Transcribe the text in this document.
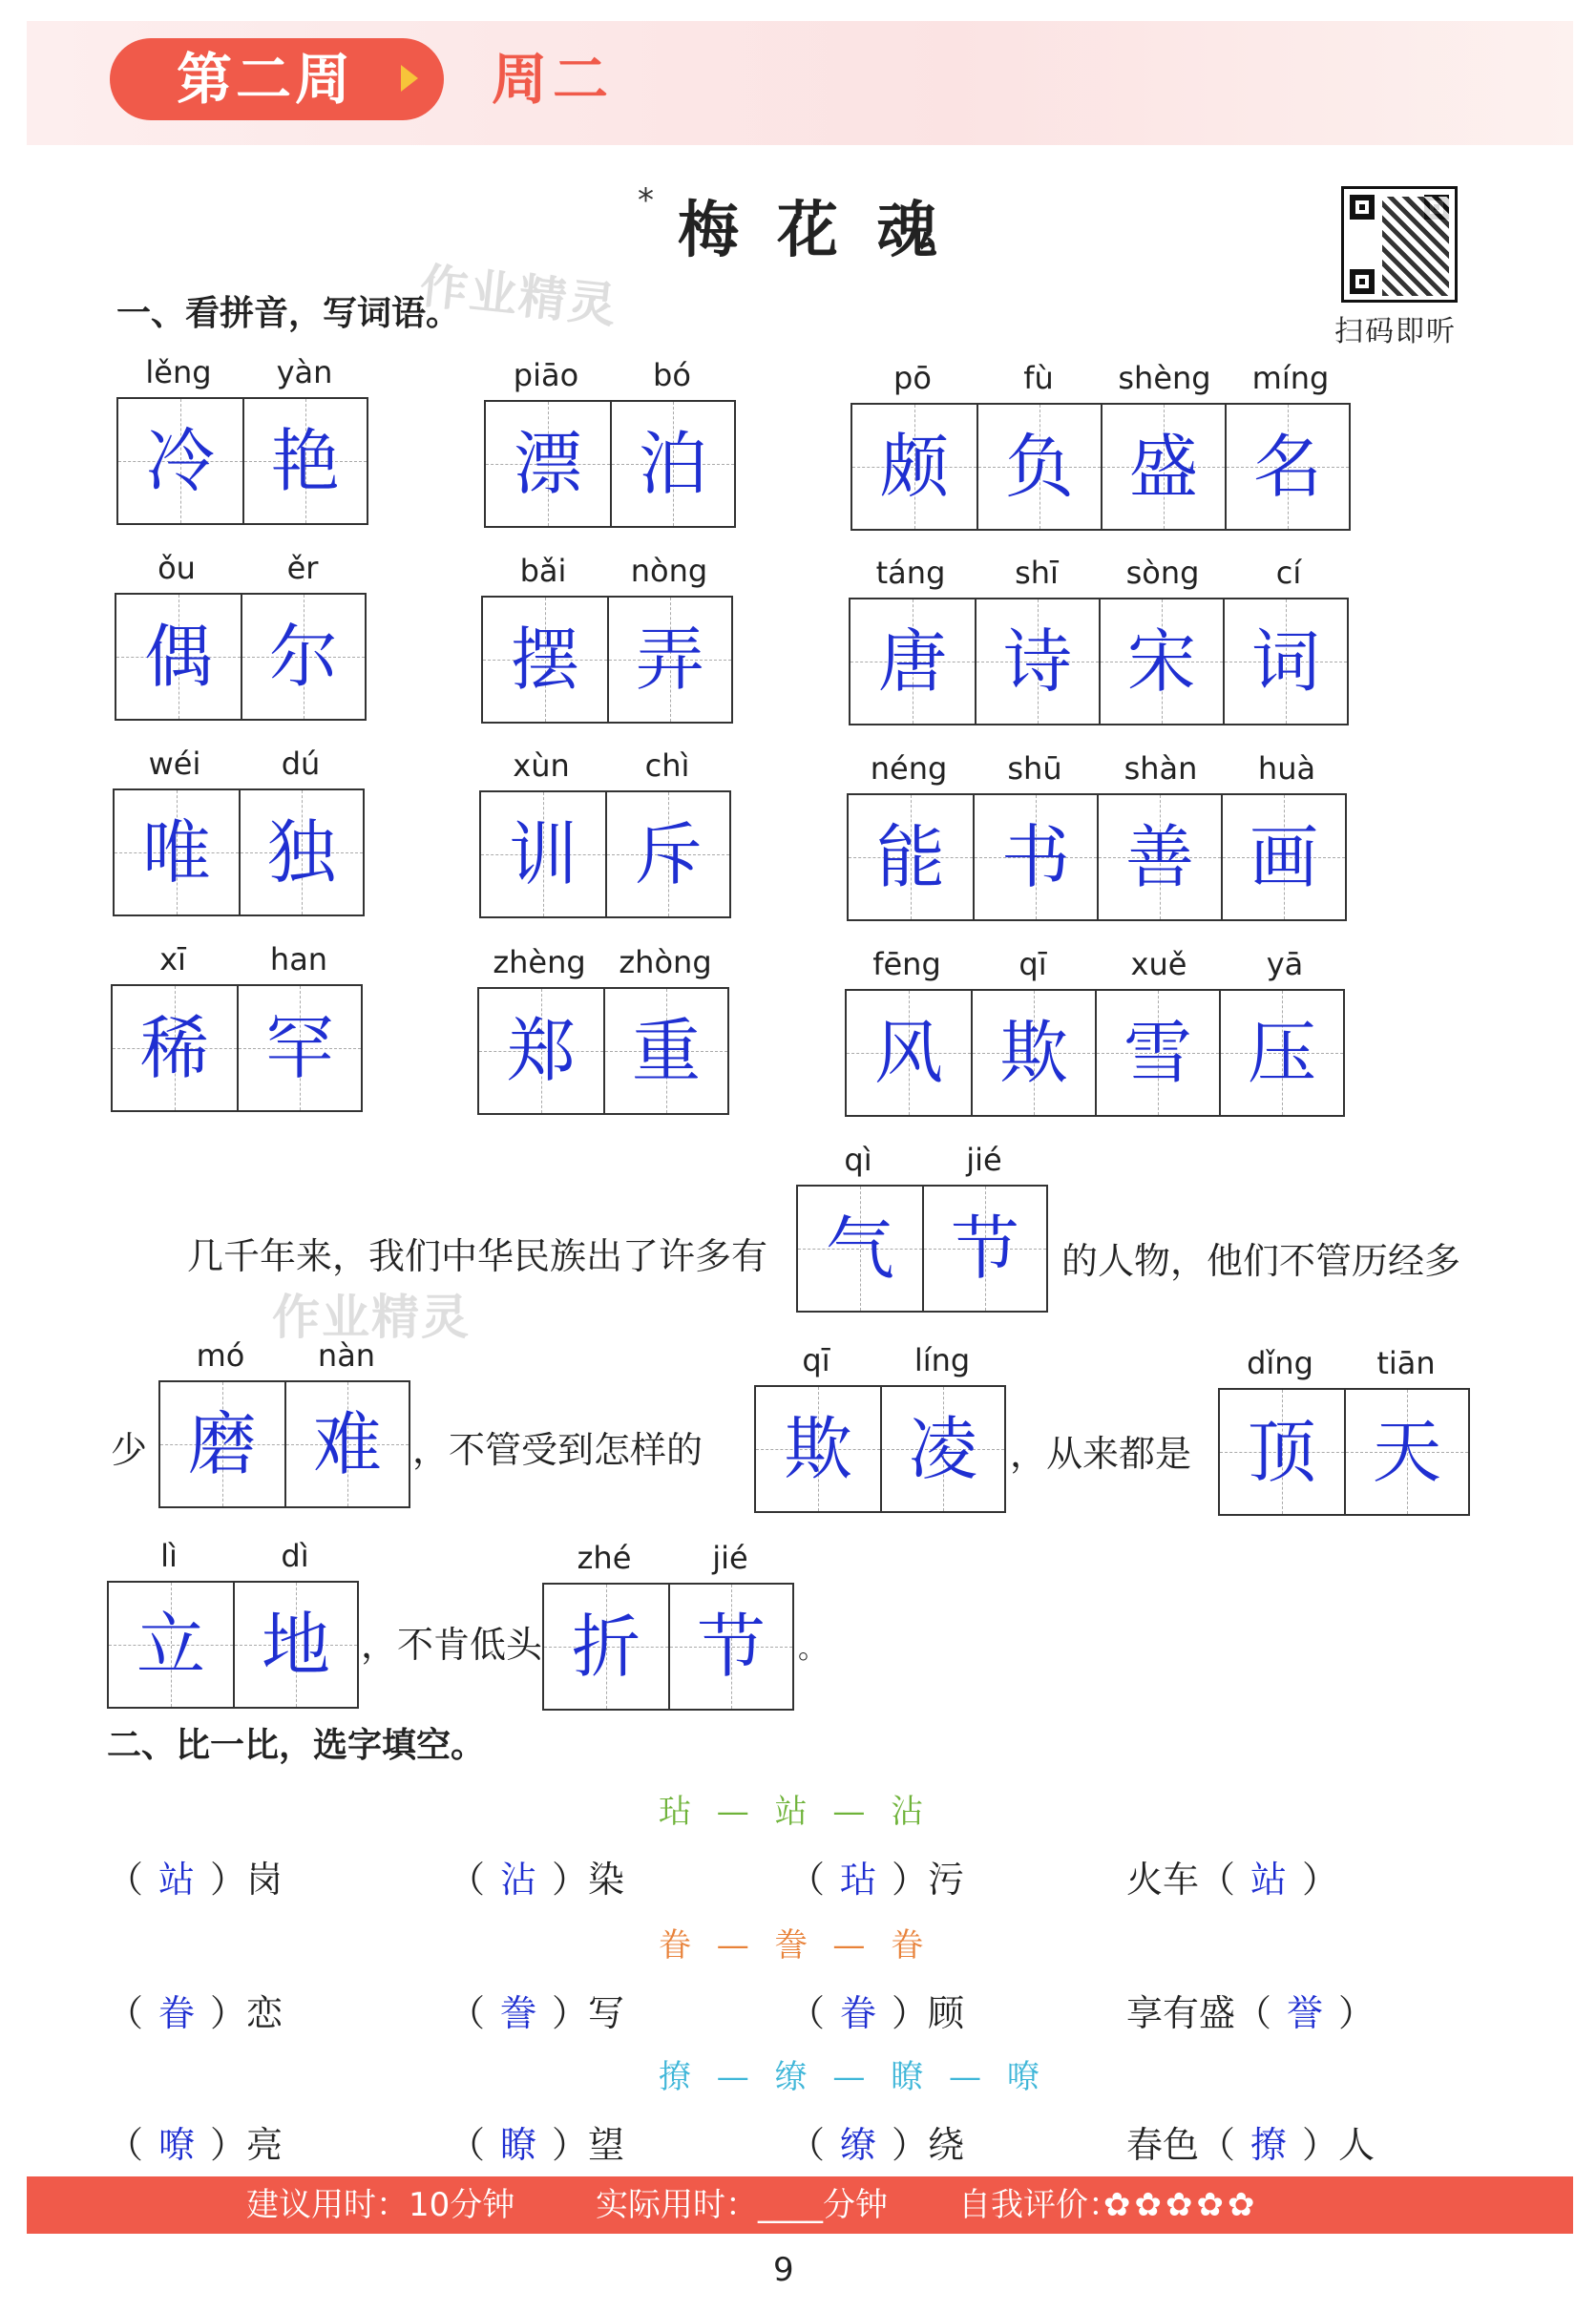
第二周	周二
* 梅花魂
扫码即听
一、看拼音，写词语。
作业精灵
作业精灵
lěng	yàn
冷 艳
piāo	bó
漂 泊
pō	fù	shèng	míng
颇 负 盛 名
ǒu	ěr
偶 尔
bǎi	nòng
摆 弄
táng	shī	sòng	cí
唐 诗 宋 词
wéi	dú
唯 独
xùn	chì
训 斥
néng	shū	shàn	huà
能 书 善 画
xī	han
稀 罕
zhèng	zhòng
郑 重
fēng	qī	xuě	yā
风 欺 雪 压
qì	jié
气 节
mó	nàn
磨 难
qī	líng
欺 凌
dǐng	tiān
顶 天
lì	dì
立 地
zhé	jié
折 节
几千年来，我们中华民族出了许多有	的人物，他们不管历经多
少	，不管受到怎样的	，从来都是
，不肯低头	。
二、比一比，选字填空。
玷 — 站 — 沾
（ 站 ）岗	（ 沾 ）染	（ 玷 ）污	火车（ 站 ）
眷 — 誊 — 眷
（ 眷 ）恋	（ 誊 ）写	（ 眷 ）顾	享有盛（ 誉 ）
撩 — 缭 — 瞭 — 嘹
（ 嘹 ）亮	（ 瞭 ）望	（ 缭 ）绕	春色（ 撩 ）人
建议用时：10分钟 实际用时：____分钟 自我评价：
✿✿✿✿✿
9
